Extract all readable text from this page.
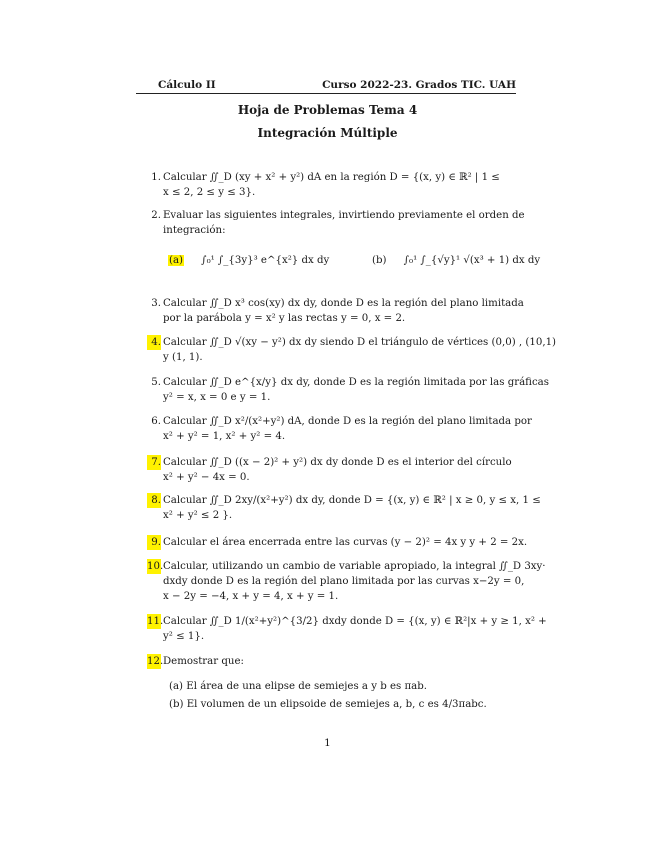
Cálculo II	Curso 2022-23. Grados TIC. UAH
Hoja de Problemas Tema 4
Integración Múltiple
1. Calcular ∬_D (xy + x² + y²) dA en la región D = {(x, y) ∈ ℝ² | 1 ≤

x ≤ 2, 2 ≤ y ≤ 3}.

2. Evaluar las siguientes integrales, invirtiendo previamente el orden de

integración:

(a) ∫₀¹ ∫_{3y}³ e^{x²} dx dy	(b) ∫₀¹ ∫_{√y}¹ √(x³ + 1) dx dy
3. Calcular ∬_D x³ cos(xy) dx dy, donde D es la región del plano limitada

por la parábola y = x² y las rectas y = 0, x = 2.

4. Calcular ∬_D √(xy − y²) dx dy siendo D el triángulo de vértices (0,0) , (10,1)

y (1, 1).

5. Calcular ∬_D e^{x/y} dx dy, donde D es la región limitada por las gráficas

y² = x, x = 0 e y = 1.

6. Calcular ∬_D x²/(x²+y²) dA, donde D es la región del plano limitada por

x² + y² = 1, x² + y² = 4.

7. Calcular ∬_D ((x − 2)² + y²) dx dy donde D es el interior del círculo

x² + y² − 4x = 0.

8. Calcular ∬_D 2xy/(x²+y²) dx dy, donde D = {(x, y) ∈ ℝ² | x ≥ 0, y ≤ x, 1 ≤

x² + y² ≤ 2 }.

9. Calcular el área encerrada entre las curvas (y − 2)² = 4x y y + 2 = 2x.

10. Calcular, utilizando un cambio de variable apropiado, la integral ∬_D 3xy·

dxdy donde D es la región del plano limitada por las curvas x−2y = 0,

x − 2y = −4, x + y = 4, x + y = 1.

11. Calcular ∬_D 1/(x²+y²)^{3/2} dxdy donde D = {(x, y) ∈ ℝ²|x + y ≥ 1, x² +

y² ≤ 1}.

12. Demostrar que:

(a) El área de una elipse de semiejes a y b es πab.

(b) El volumen de un elipsoide de semiejes a, b, c es 4/3πabc.

1
